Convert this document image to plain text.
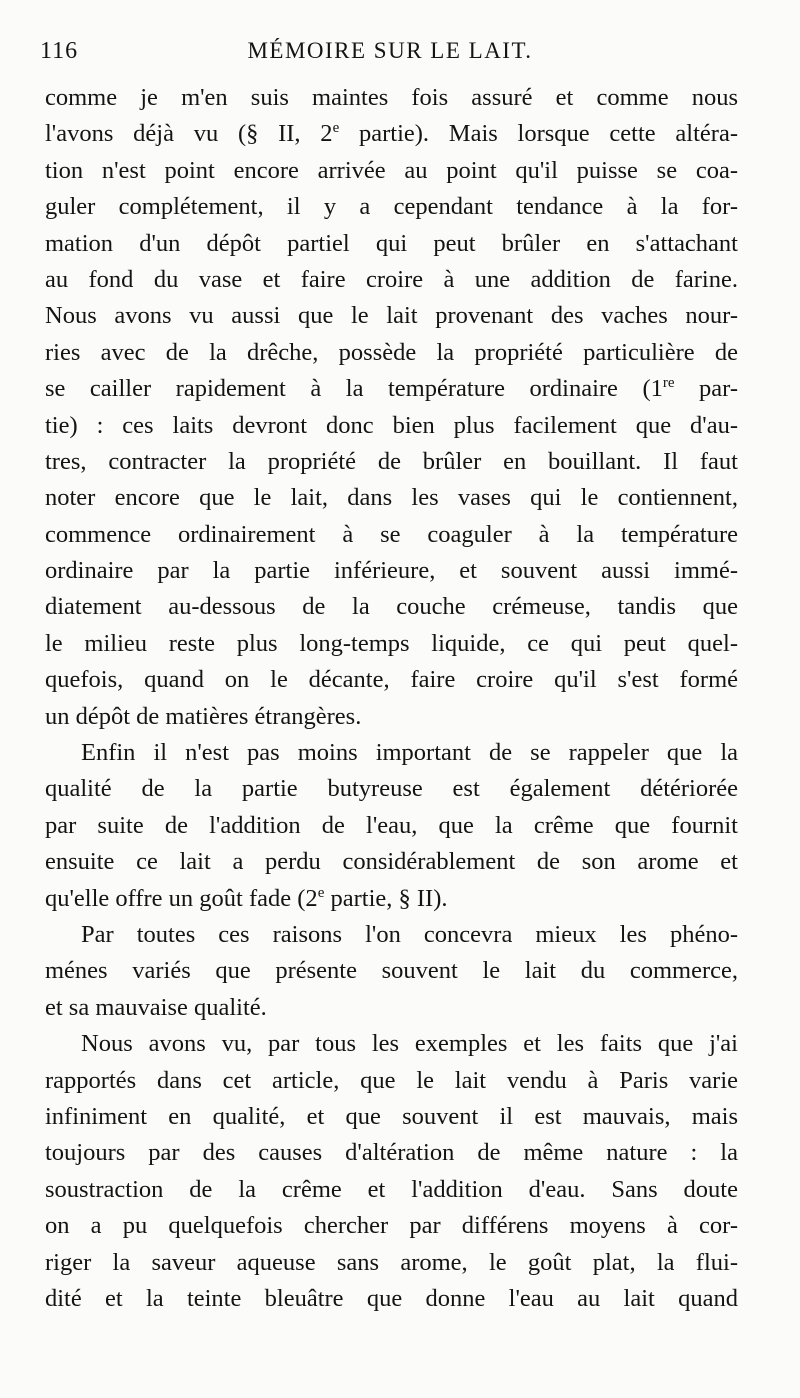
116	MÉMOIRE SUR LE LAIT.
comme je m'en suis maintes fois assuré et comme nous
l'avons déjà vu (§ II, 2e partie). Mais lorsque cette altéra-
tion n'est point encore arrivée au point qu'il puisse se coa-
guler complétement, il y a cependant tendance à la for-
mation d'un dépôt partiel qui peut brûler en s'attachant
au fond du vase et faire croire à une addition de farine.
Nous avons vu aussi que le lait provenant des vaches nour-
ries avec de la drêche, possède la propriété particulière de
se cailler rapidement à la température ordinaire (1re par-
tie) : ces laits devront donc bien plus facilement que d'au-
tres, contracter la propriété de brûler en bouillant. Il faut
noter encore que le lait, dans les vases qui le contiennent,
commence ordinairement à se coaguler à la température
ordinaire par la partie inférieure, et souvent aussi immé-
diatement au-dessous de la couche crémeuse, tandis que
le milieu reste plus long-temps liquide, ce qui peut quel-
quefois, quand on le décante, faire croire qu'il s'est formé
un dépôt de matières étrangères.
Enfin il n'est pas moins important de se rappeler que la
qualité de la partie butyreuse est également détériorée
par suite de l'addition de l'eau, que la crême que fournit
ensuite ce lait a perdu considérablement de son arome et
qu'elle offre un goût fade (2e partie, § II).
Par toutes ces raisons l'on concevra mieux les phéno-
ménes variés que présente souvent le lait du commerce,
et sa mauvaise qualité.
Nous avons vu, par tous les exemples et les faits que j'ai
rapportés dans cet article, que le lait vendu à Paris varie
infiniment en qualité, et que souvent il est mauvais, mais
toujours par des causes d'altération de même nature : la
soustraction de la crême et l'addition d'eau. Sans doute
on a pu quelquefois chercher par différens moyens à cor-
riger la saveur aqueuse sans arome, le goût plat, la flui-
dité et la teinte bleuâtre que donne l'eau au lait quand
